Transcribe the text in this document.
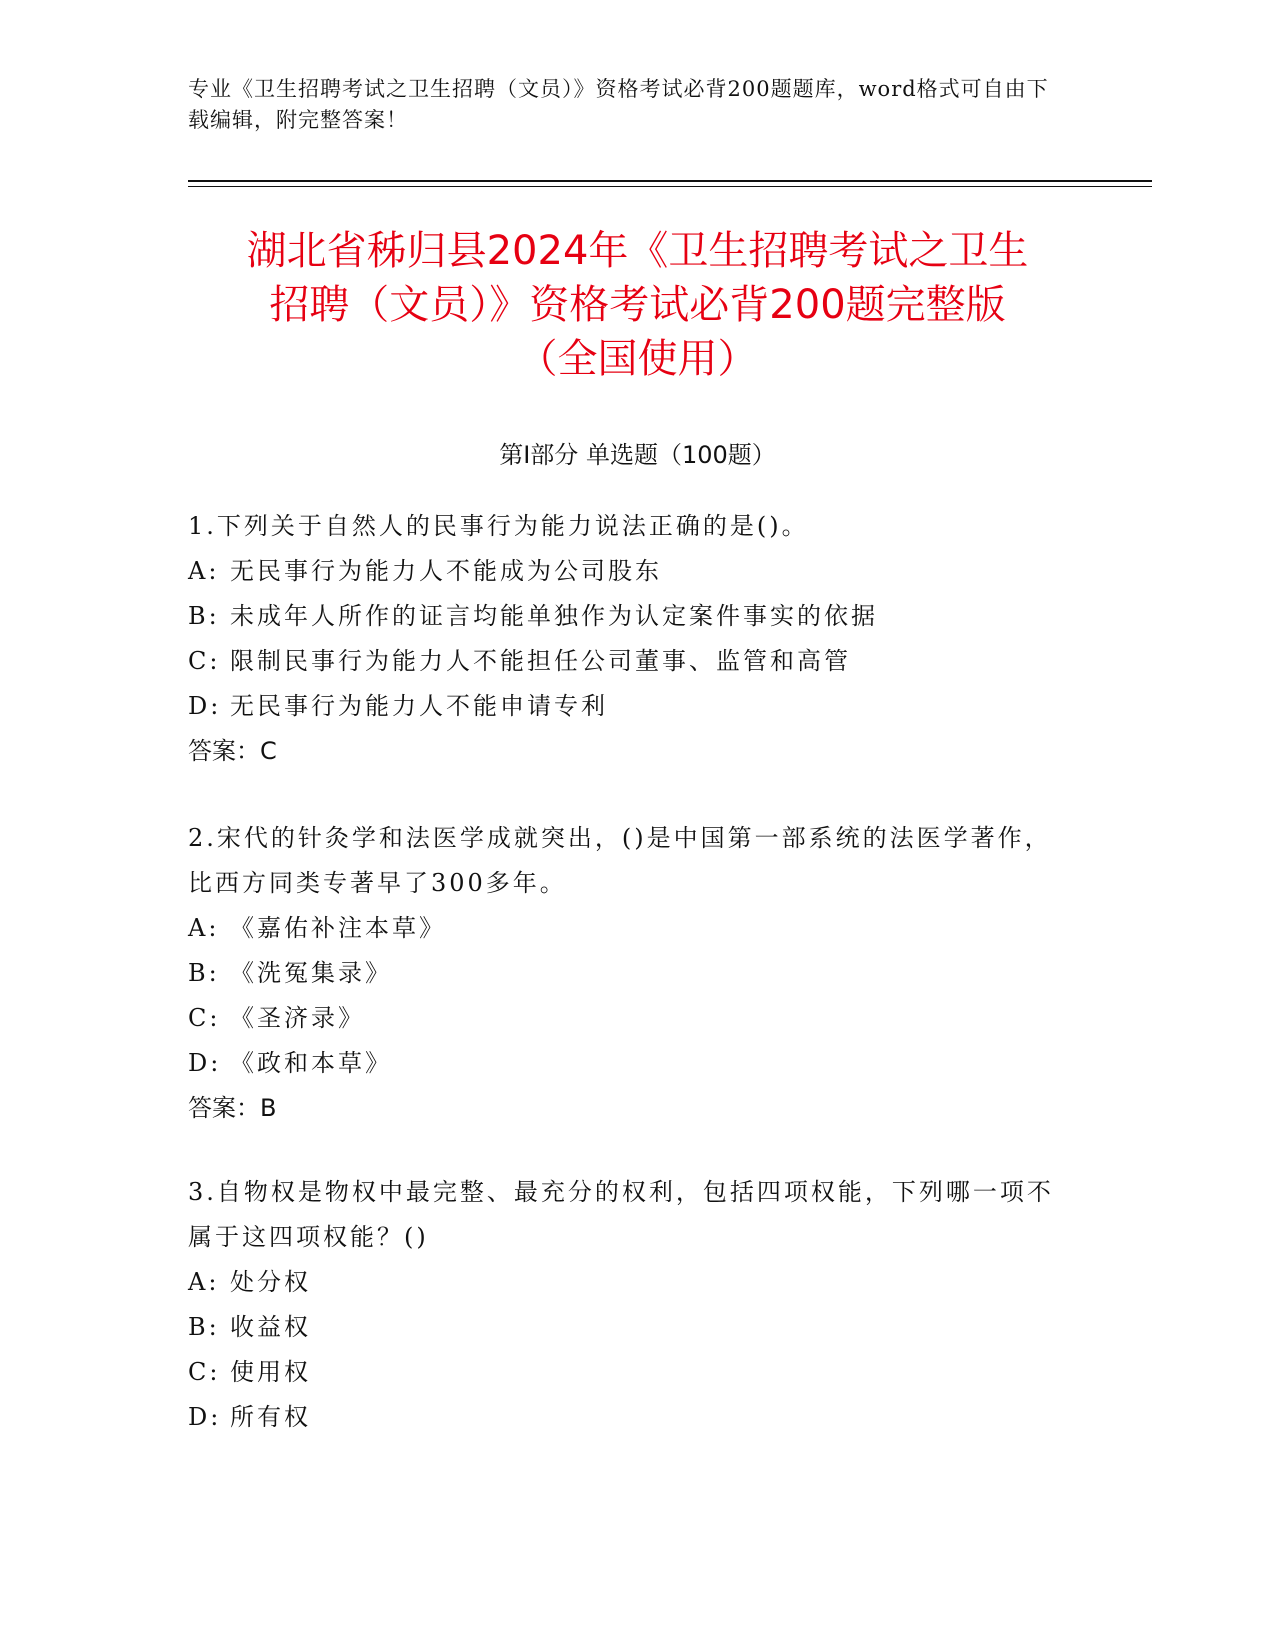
专业《卫生招聘考试之卫生招聘（文员）》资格考试必背200题题库，word格式可自由下载编辑，附完整答案！
湖北省秭归县2024年《卫生招聘考试之卫生
招聘（文员）》资格考试必背200题完整版
（全国使用）
第Ⅰ部分 单选题（100题）
1.下列关于自然人的民事行为能力说法正确的是()。
A: 无民事行为能力人不能成为公司股东
B: 未成年人所作的证言均能单独作为认定案件事实的依据
C: 限制民事行为能力人不能担任公司董事、监管和高管
D: 无民事行为能力人不能申请专利
答案：C
2.宋代的针灸学和法医学成就突出，()是中国第一部系统的法医学著作，比西方同类专著早了300多年。
A: 《嘉佑补注本草》
B: 《洗冤集录》
C: 《圣济录》
D: 《政和本草》
答案：B
3.自物权是物权中最完整、最充分的权利，包括四项权能，下列哪一项不属于这四项权能？()
A: 处分权
B: 收益权
C: 使用权
D: 所有权
